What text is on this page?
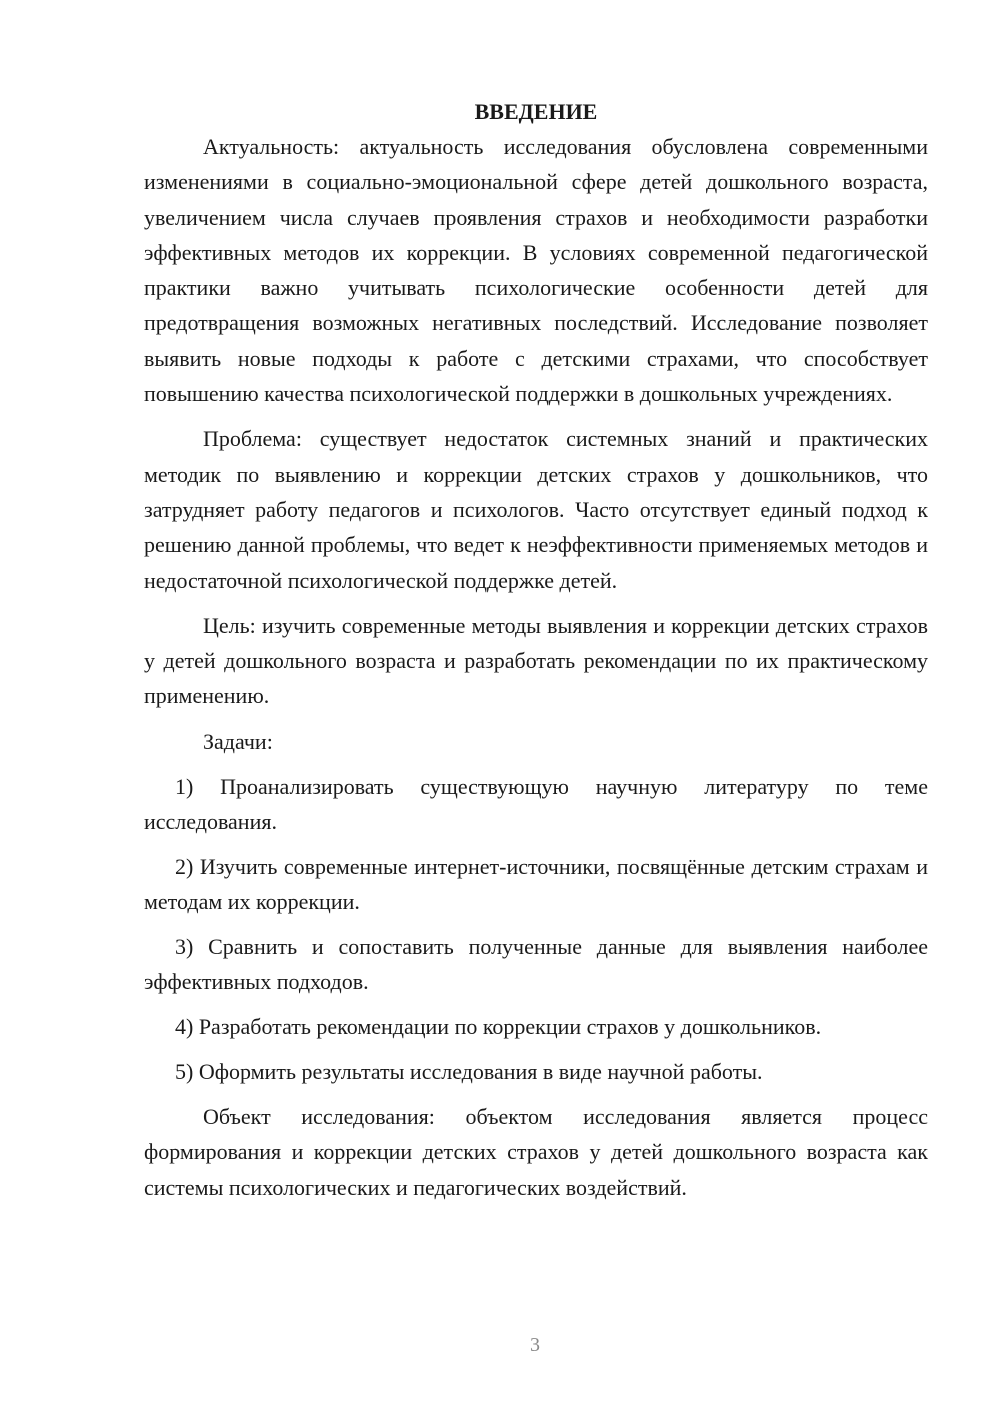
ВВЕДЕНИЕ

Актуальность: актуальность исследования обусловлена современными изменениями в социально-эмоциональной сфере детей дошкольного возраста, увеличением числа случаев проявления страхов и необходимости разработки эффективных методов их коррекции. В условиях современной педагогической практики важно учитывать психологические особенности детей для предотвращения возможных негативных последствий. Исследование позволяет выявить новые подходы к работе с детскими страхами, что способствует повышению качества психологической поддержки в дошкольных учреждениях.

Проблема: существует недостаток системных знаний и практических методик по выявлению и коррекции детских страхов у дошкольников, что затрудняет работу педагогов и психологов. Часто отсутствует единый подход к решению данной проблемы, что ведет к неэффективности применяемых методов и недостаточной психологической поддержке детей.

Цель: изучить современные методы выявления и коррекции детских страхов у детей дошкольного возраста и разработать рекомендации по их практическому применению.

Задачи:

1) Проанализировать существующую научную литературу по теме исследования.

2) Изучить современные интернет-источники, посвящённые детским страхам и методам их коррекции.

3) Сравнить и сопоставить полученные данные для выявления наиболее эффективных подходов.

4) Разработать рекомендации по коррекции страхов у дошкольников.

5) Оформить результаты исследования в виде научной работы.

Объект исследования: объектом исследования является процесс формирования и коррекции детских страхов у детей дошкольного возраста как системы психологических и педагогических воздействий.

3
